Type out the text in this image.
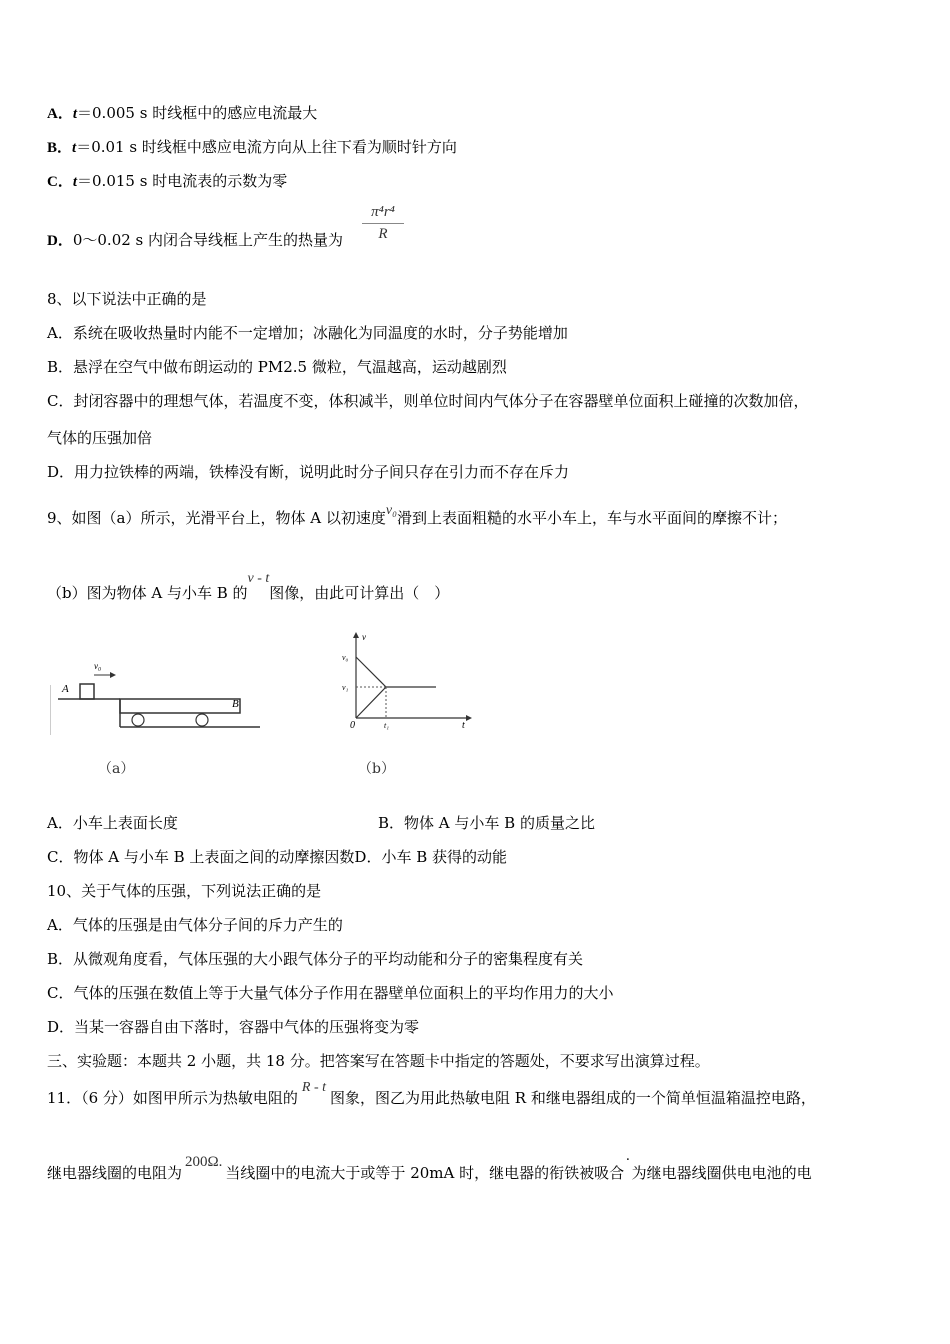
A．t＝0.005 s 时线框中的感应电流最大
B．t＝0.01 s 时线框中感应电流方向从上往下看为顺时针方向
C．t＝0.015 s 时电流表的示数为零
D．0～0.02 s 内闭合导线框上产生的热量为 $\frac{\text{π⁴r⁴}}{R}$
8、以下说法中正确的是
A．系统在吸收热量时内能不一定增加；冰融化为同温度的水时，分子势能增加
B．悬浮在空气中做布朗运动的 PM2.5 微粒，气温越高，运动越剧烈
C．封闭容器中的理想气体，若温度不变，体积减半，则单位时间内气体分子在容器壁单位面积上碰撞的次数加倍，
气体的压强加倍
D．用力拉铁棒的两端，铁棒没有断，说明此时分子间只存在引力而不存在斥力
9、如图（a）所示，光滑平台上，物体 A 以初速度v₀滑到上表面粗糙的水平小车上，车与水平面间的摩擦不计；
（b）图为物体 A 与小车 B 的v - t图像，由此可计算出（　）
v₀
A
B
（a）
v
t
0
v₀
v₁
t₁
（b）
A．小车上表面长度	B．物体 A 与小车 B 的质量之比
C．物体 A 与小车 B 上表面之间的动摩擦因数D．小车 B 获得的动能
10、关于气体的压强，下列说法正确的是
A．气体的压强是由气体分子间的斥力产生的
B．从微观角度看，气体压强的大小跟气体分子的平均动能和分子的密集程度有关
C．气体的压强在数值上等于大量气体分子作用在器壁单位面积上的平均作用力的大小
D．当某一容器自由下落时，容器中气体的压强将变为零
三、实验题：本题共 2 小题，共 18 分。把答案写在答题卡中指定的答题处，不要求写出演算过程。
11．（6 分）如图甲所示为热敏电阻的R - t图象，图乙为用此热敏电阻 R 和继电器组成的一个简单恒温箱温控电路，
继电器线圈的电阻为200Ω.当线圈中的电流大于或等于 20mA 时，继电器的衔铁被吸合˙为继电器线圈供电电池的电
